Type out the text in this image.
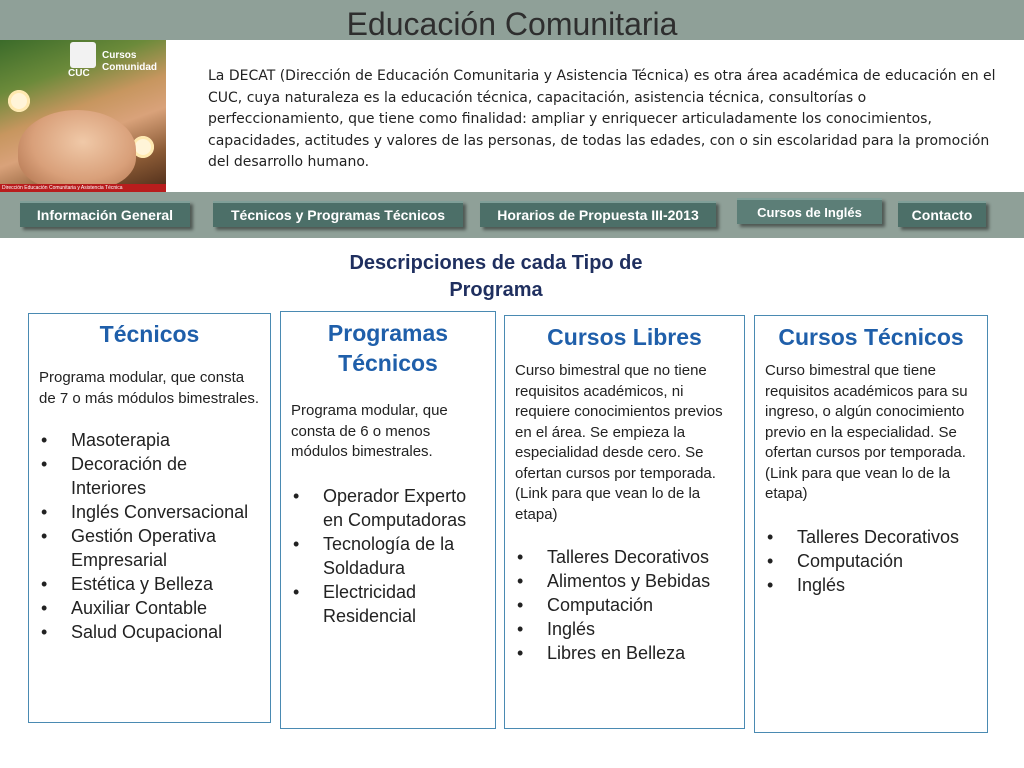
Educación Comunitaria
CUC
Cursos Comunidad
Dirección Educación Comunitaria y Asistencia Técnica

La DECAT (Dirección de Educación Comunitaria y Asistencia Técnica) es otra área académica de educación en el CUC, cuya naturaleza es la educación técnica, capacitación, asistencia técnica, consultorías o perfeccionamiento, que tiene como finalidad: ampliar y enriquecer articuladamente los conocimientos, capacidades, actitudes y valores de las personas, de todas las edades, con o sin escolaridad para la promoción del desarrollo humano.

Información General	Técnicos y Programas Técnicos	Horarios de Propuesta III-2013	Cursos de Inglés	Contacto
Descripciones de cada Tipo de Programa
Técnicos

Programa modular, que consta de 7 o más módulos bimestrales.

• Masoterapia
• Decoración de Interiores
• Inglés Conversacional
• Gestión Operativa Empresarial
• Estética y Belleza
• Auxiliar Contable
• Salud Ocupacional
Programas Técnicos

Programa modular, que consta de 6 o menos módulos bimestrales.

• Operador Experto en Computadoras
• Tecnología de la Soldadura
• Electricidad Residencial
Cursos Libres

Curso bimestral que no tiene requisitos académicos, ni requiere conocimientos previos en el área. Se empieza la especialidad desde cero. Se ofertan cursos por temporada.
(Link para que vean lo de la etapa)

• Talleres Decorativos
• Alimentos y Bebidas
• Computación
• Inglés
• Libres en Belleza
Cursos Técnicos

Curso bimestral que tiene requisitos académicos para su ingreso, o algún conocimiento previo en la especialidad. Se ofertan cursos por temporada. (Link para que vean lo de la etapa)

• Talleres Decorativos
• Computación
• Inglés
